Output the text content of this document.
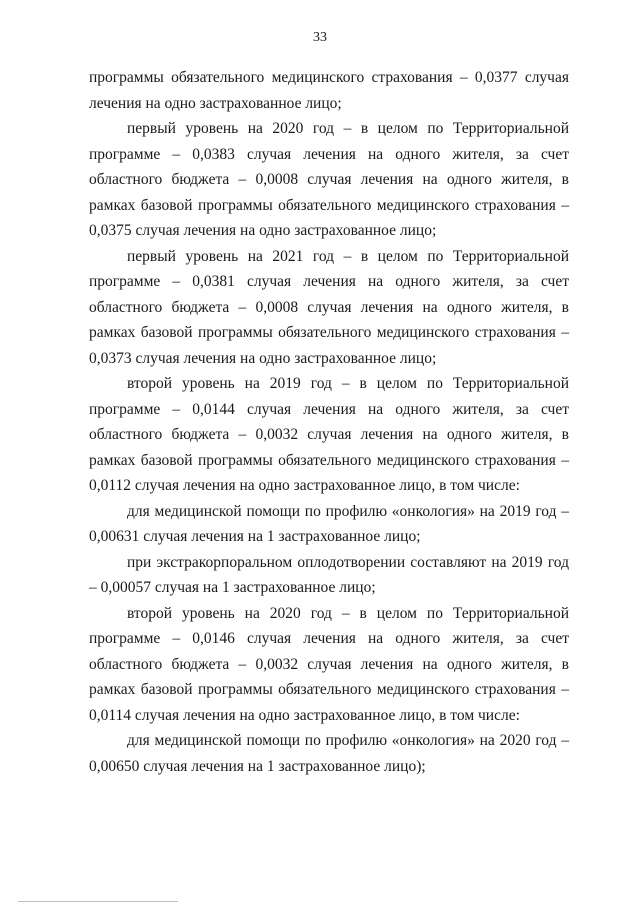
33

программы обязательного медицинского страхования – 0,0377 случая лечения на одно застрахованное лицо;

первый уровень на 2020 год – в целом по Территориальной программе – 0,0383 случая лечения на одного жителя, за счет областного бюджета – 0,0008 случая лечения на одного жителя, в рамках базовой программы обязательного медицинского страхования – 0,0375 случая лечения на одно застрахованное лицо;

первый уровень на 2021 год – в целом по Территориальной программе – 0,0381 случая лечения на одного жителя, за счет областного бюджета – 0,0008 случая лечения на одного жителя, в рамках базовой программы обязательного медицинского страхования – 0,0373 случая лечения на одно застрахованное лицо;

второй уровень на 2019 год – в целом по Территориальной программе – 0,0144 случая лечения на одного жителя, за счет областного бюджета – 0,0032 случая лечения на одного жителя, в рамках базовой программы обязательного медицинского страхования – 0,0112 случая лечения на одно застрахованное лицо, в том числе:

для медицинской помощи по профилю «онкология» на 2019 год – 0,00631 случая лечения на 1 застрахованное лицо;

при экстракорпоральном оплодотворении составляют на 2019 год – 0,00057 случая на 1 застрахованное лицо;

второй уровень на 2020 год – в целом по Территориальной программе – 0,0146 случая лечения на одного жителя, за счет областного бюджета – 0,0032 случая лечения на одного жителя, в рамках базовой программы обязательного медицинского страхования – 0,0114 случая лечения на одно застрахованное лицо, в том числе:

для медицинской помощи по профилю «онкология» на 2020 год – 0,00650 случая лечения на 1 застрахованное лицо);
